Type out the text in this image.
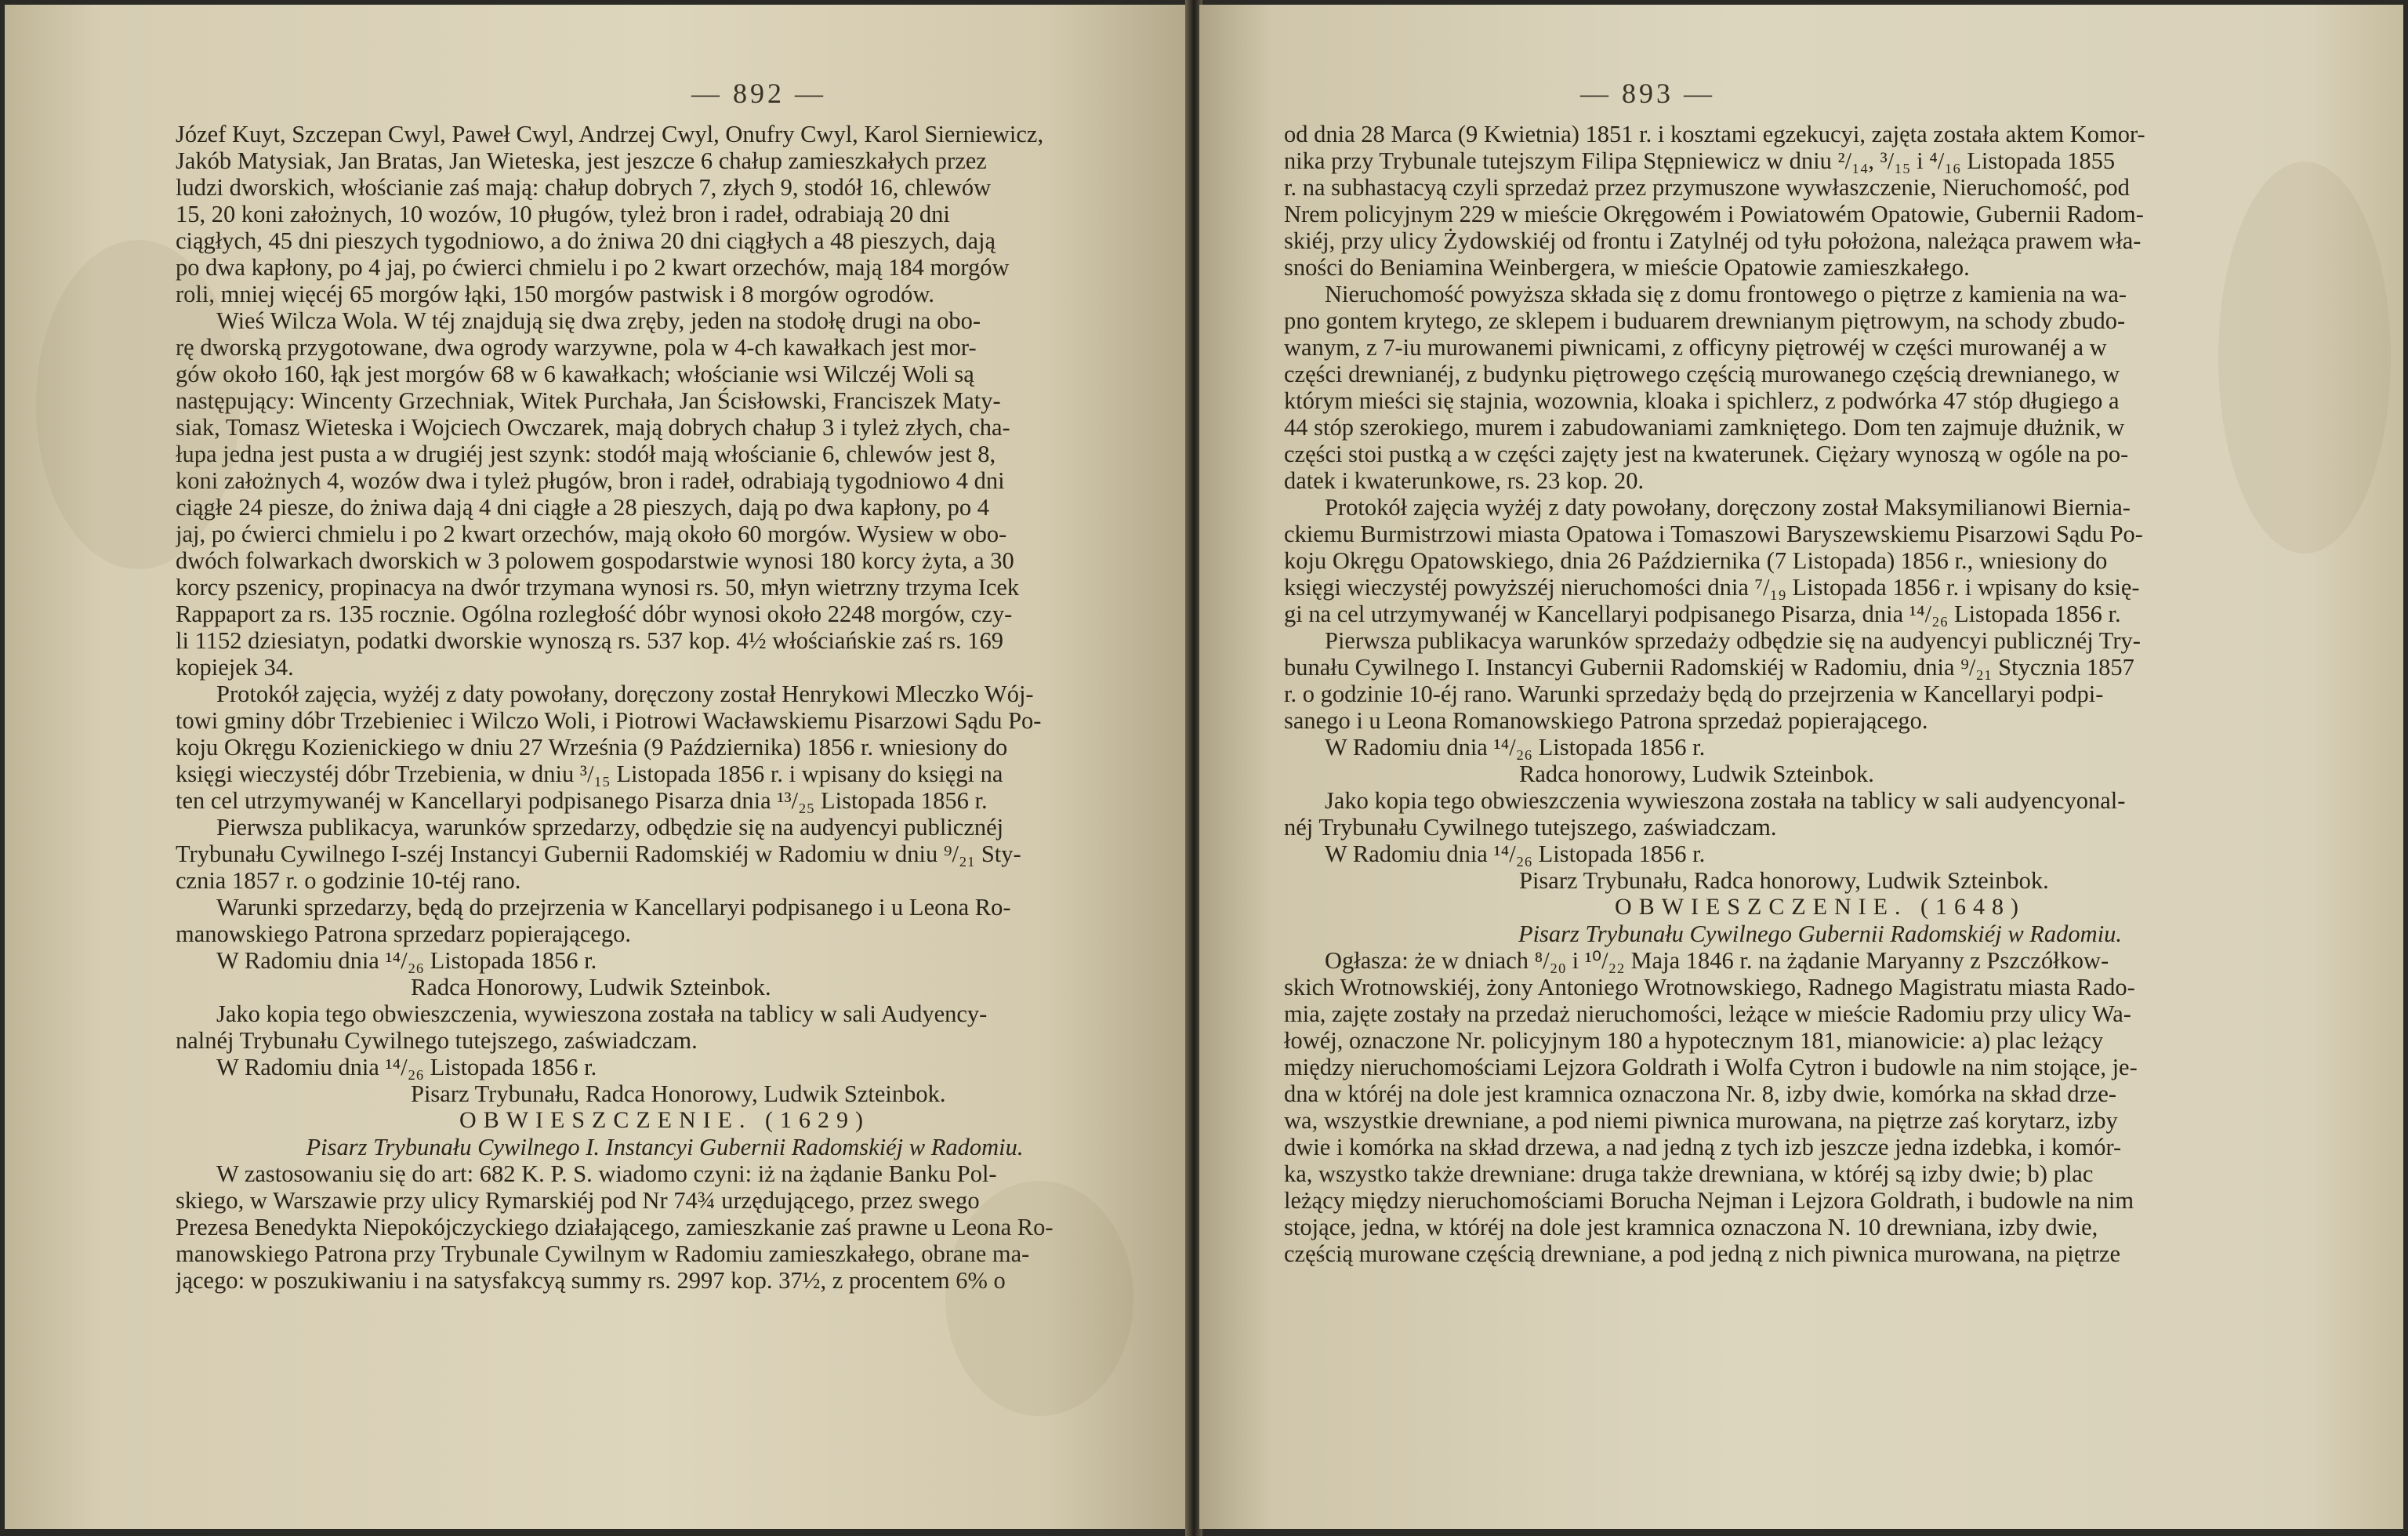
— 892 —
Józef Kuyt, Szczepan Cwyl, Paweł Cwyl, Andrzej Cwyl, Onufry Cwyl, Karol Sierniewicz,
Jakób Matysiak, Jan Bratas, Jan Wieteska, jest jeszcze 6 chałup zamieszkałych przez
ludzi dworskich, włościanie zaś mają: chałup dobrych 7, złych 9, stodół 16, chlewów
15, 20 koni założnych, 10 wozów, 10 pługów, tyleż bron i radeł, odrabiają 20 dni
ciągłych, 45 dni pieszych tygodniowo, a do żniwa 20 dni ciągłych a 48 pieszych, dają
po dwa kapłony, po 4 jaj, po ćwierci chmielu i po 2 kwart orzechów, mają 184 morgów
roli, mniej więcéj 65 morgów łąki, 150 morgów pastwisk i 8 morgów ogrodów.
Wieś Wilcza Wola. W téj znajdują się dwa zręby, jeden na stodołę drugi na obo-
rę dworską przygotowane, dwa ogrody warzywne, pola w 4-ch kawałkach jest mor-
gów około 160, łąk jest morgów 68 w 6 kawałkach; włościanie wsi Wilczéj Woli są
następujący: Wincenty Grzechniak, Witek Purchała, Jan Ścisłowski, Franciszek Maty-
siak, Tomasz Wieteska i Wojciech Owczarek, mają dobrych chałup 3 i tyleż złych, cha-
łupa jedna jest pusta a w drugiéj jest szynk: stodół mają włościanie 6, chlewów jest 8,
koni założnych 4, wozów dwa i tyleż pługów, bron i radeł, odrabiają tygodniowo 4 dni
ciągłe 24 piesze, do żniwa dają 4 dni ciągłe a 28 pieszych, dają po dwa kapłony, po 4
jaj, po ćwierci chmielu i po 2 kwart orzechów, mają około 60 morgów. Wysiew w obo-
dwóch folwarkach dworskich w 3 polowem gospodarstwie wynosi 180 korcy żyta, a 30
korcy pszenicy, propinacya na dwór trzymana wynosi rs. 50, młyn wietrzny trzyma Icek
Rappaport za rs. 135 rocznie. Ogólna rozległość dóbr wynosi około 2248 morgów, czy-
li 1152 dziesiatyn, podatki dworskie wynoszą rs. 537 kop. 4½ włościańskie zaś rs. 169
kopiejek 34.
Protokół zajęcia, wyżéj z daty powołany, doręczony został Henrykowi Mleczko Wój-
towi gminy dóbr Trzebieniec i Wilczo Woli, i Piotrowi Wacławskiemu Pisarzowi Sądu Po-
koju Okręgu Kozienickiego w dniu 27 Września (9 Października) 1856 r. wniesiony do
księgi wieczystéj dóbr Trzebienia, w dniu ³/₁₅ Listopada 1856 r. i wpisany do księgi na
ten cel utrzymywanéj w Kancellaryi podpisanego Pisarza dnia ¹³/₂₅ Listopada 1856 r.
Pierwsza publikacya, warunków sprzedarzy, odbędzie się na audyencyi publicznéj
Trybunału Cywilnego I-széj Instancyi Gubernii Radomskiéj w Radomiu w dniu ⁹/₂₁ Sty-
cznia 1857 r. o godzinie 10-téj rano.
Warunki sprzedarzy, będą do przejrzenia w Kancellaryi podpisanego i u Leona Ro-
manowskiego Patrona sprzedarz popierającego.
W Radomiu dnia ¹⁴/₂₆ Listopada 1856 r.
Radca Honorowy, Ludwik Szteinbok.
Jako kopia tego obwieszczenia, wywieszona została na tablicy w sali Audyency-
nalnéj Trybunału Cywilnego tutejszego, zaświadczam.
W Radomiu dnia ¹⁴/₂₆ Listopada 1856 r.
Pisarz Trybunału, Radca Honorowy, Ludwik Szteinbok.
OBWIESZCZENIE. (1629)
Pisarz Trybunału Cywilnego I. Instancyi Gubernii Radomskiéj w Radomiu.
W zastosowaniu się do art: 682 K. P. S. wiadomo czyni: iż na żądanie Banku Pol-
skiego, w Warszawie przy ulicy Rymarskiéj pod Nr 74¾ urzędującego, przez swego
Prezesa Benedykta Niepokójczyckiego działającego, zamieszkanie zaś prawne u Leona Ro-
manowskiego Patrona przy Trybunale Cywilnym w Radomiu zamieszkałego, obrane ma-
jącego: w poszukiwaniu i na satysfakcyą summy rs. 2997 kop. 37½, z procentem 6% o
— 893 —
od dnia 28 Marca (9 Kwietnia) 1851 r. i kosztami egzekucyi, zajęta została aktem Komor-
nika przy Trybunale tutejszym Filipa Stępniewicz w dniu ²/₁₄, ³/₁₅ i ⁴/₁₆ Listopada 1855
r. na subhastacyą czyli sprzedaż przez przymuszone wywłaszczenie, Nieruchomość, pod
Nrem policyjnym 229 w mieście Okręgowém i Powiatowém Opatowie, Gubernii Radom-
skiéj, przy ulicy Żydowskiéj od frontu i Zatylnéj od tyłu położona, należąca prawem wła-
sności do Beniamina Weinbergera, w mieście Opatowie zamieszkałego.
Nieruchomość powyższa składa się z domu frontowego o piętrze z kamienia na wa-
pno gontem krytego, ze sklepem i buduarem drewnianym piętrowym, na schody zbudo-
wanym, z 7-iu murowanemi piwnicami, z officyny piętrowéj w części murowanéj a w
części drewnianéj, z budynku piętrowego częścią murowanego częścią drewnianego, w
którym mieści się stajnia, wozownia, kloaka i spichlerz, z podwórka 47 stóp długiego a
44 stóp szerokiego, murem i zabudowaniami zamkniętego. Dom ten zajmuje dłużnik, w
części stoi pustką a w części zajęty jest na kwaterunek. Ciężary wynoszą w ogóle na po-
datek i kwaterunkowe, rs. 23 kop. 20.
Protokół zajęcia wyżéj z daty powołany, doręczony został Maksymilianowi Biernia-
ckiemu Burmistrzowi miasta Opatowa i Tomaszowi Baryszewskiemu Pisarzowi Sądu Po-
koju Okręgu Opatowskiego, dnia 26 Października (7 Listopada) 1856 r., wniesiony do
księgi wieczystéj powyższéj nieruchomości dnia ⁷/₁₉ Listopada 1856 r. i wpisany do księ-
gi na cel utrzymywanéj w Kancellaryi podpisanego Pisarza, dnia ¹⁴/₂₆ Listopada 1856 r.
Pierwsza publikacya warunków sprzedaży odbędzie się na audyencyi publicznéj Try-
bunału Cywilnego I. Instancyi Gubernii Radomskiéj w Radomiu, dnia ⁹/₂₁ Stycznia 1857
r. o godzinie 10-éj rano. Warunki sprzedaży będą do przejrzenia w Kancellaryi podpi-
sanego i u Leona Romanowskiego Patrona sprzedaż popierającego.
W Radomiu dnia ¹⁴/₂₆ Listopada 1856 r.
Radca honorowy, Ludwik Szteinbok.
Jako kopia tego obwieszczenia wywieszona została na tablicy w sali audyencyonal-
néj Trybunału Cywilnego tutejszego, zaświadczam.
W Radomiu dnia ¹⁴/₂₆ Listopada 1856 r.
Pisarz Trybunału, Radca honorowy, Ludwik Szteinbok.
OBWIESZCZENIE. (1648)
Pisarz Trybunału Cywilnego Gubernii Radomskiéj w Radomiu.
Ogłasza: że w dniach ⁸/₂₀ i ¹⁰/₂₂ Maja 1846 r. na żądanie Maryanny z Pszczółkow-
skich Wrotnowskiéj, żony Antoniego Wrotnowskiego, Radnego Magistratu miasta Rado-
mia, zajęte zostały na przedaż nieruchomości, leżące w mieście Radomiu przy ulicy Wa-
łowéj, oznaczone Nr. policyjnym 180 a hypotecznym 181, mianowicie: a) plac leżący
między nieruchomościami Lejzora Goldrath i Wolfa Cytron i budowle na nim stojące, je-
dna w któréj na dole jest kramnica oznaczona Nr. 8, izby dwie, komórka na skład drze-
wa, wszystkie drewniane, a pod niemi piwnica murowana, na piętrze zaś korytarz, izby
dwie i komórka na skład drzewa, a nad jedną z tych izb jeszcze jedna izdebka, i komór-
ka, wszystko także drewniane: druga także drewniana, w któréj są izby dwie; b) plac
leżący między nieruchomościami Borucha Nejman i Lejzora Goldrath, i budowle na nim
stojące, jedna, w któréj na dole jest kramnica oznaczona N. 10 drewniana, izby dwie,
częścią murowane częścią drewniane, a pod jedną z nich piwnica murowana, na piętrze
